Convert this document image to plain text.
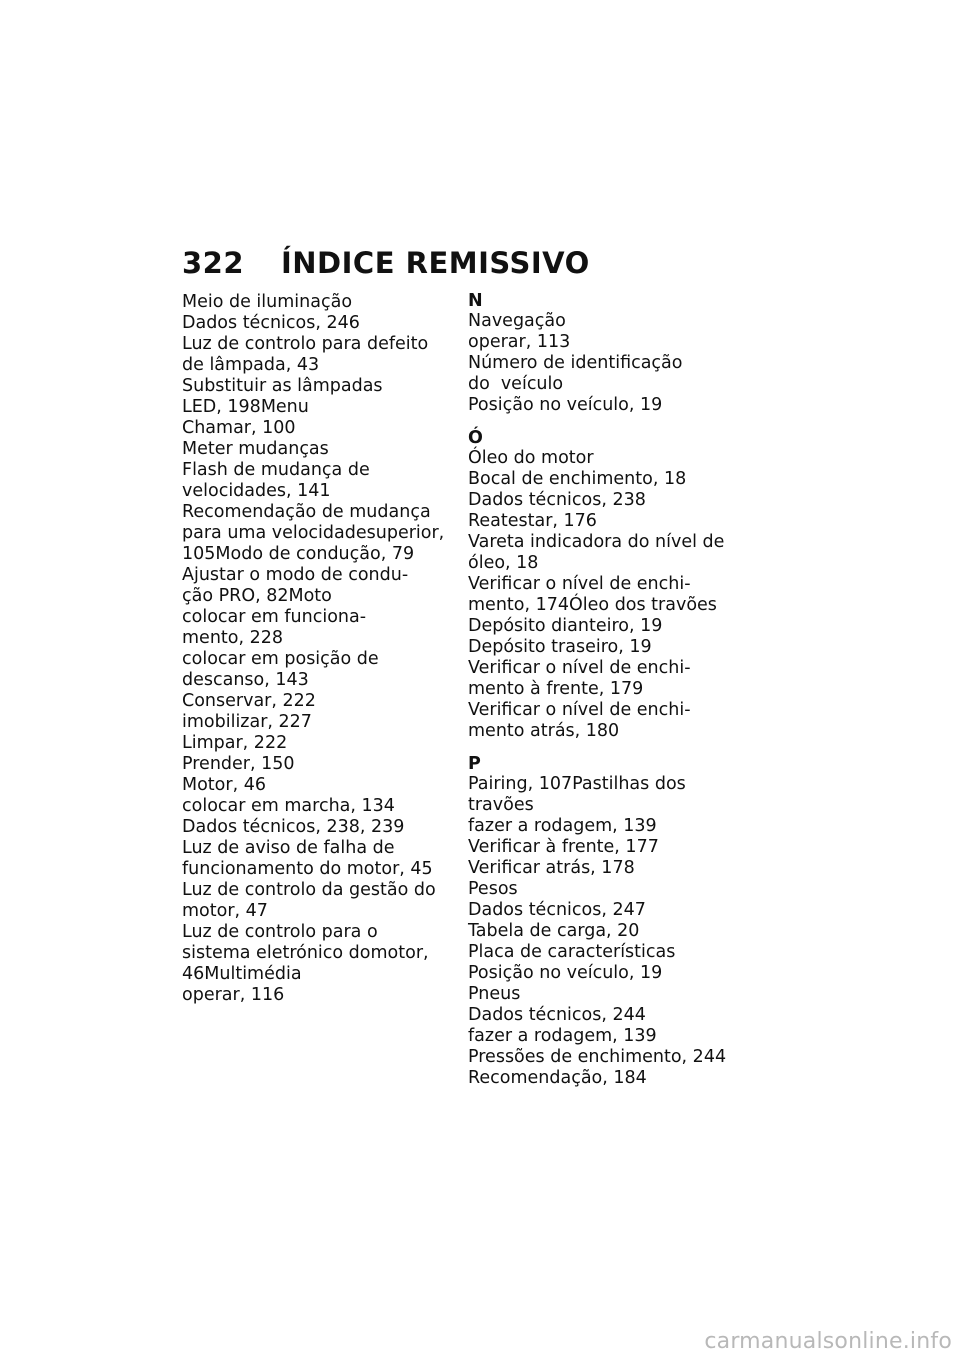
322 ÍNDICE REMISSIVO
Meio de iluminação
Dados técnicos, 246
Luz de controlo para defeito
de lâmpada, 43
Substituir as lâmpadas
LED, 198Menu
Chamar, 100
Meter mudanças
Flash de mudança de
velocidades, 141
Recomendação de mudança
para uma velocidadesuperior, 105Modo de condução, 79
Ajustar o modo de condu-
ção PRO, 82Moto
colocar em funciona-
mento, 228
colocar em posição de
descanso, 143
Conservar, 222
imobilizar, 227
Limpar, 222
Prender, 150
Motor, 46
colocar em marcha, 134
Dados técnicos, 238, 239
Luz de aviso de falha de
funcionamento do motor, 45
Luz de controlo da gestão do
motor, 47
Luz de controlo para o
sistema eletrónico domotor, 46Multimédia
operar, 116
N
Navegação
operar, 113
Número de identificação do veículo
Posição no veículo, 19
Ó
Óleo do motor
Bocal de enchimento, 18
Dados técnicos, 238
Reatestar, 176
Vareta indicadora do nível de
óleo, 18
Verificar o nível de enchi-
mento, 174Óleo dos travões
Depósito dianteiro, 19
Depósito traseiro, 19
Verificar o nível de enchi-
mento à frente, 179
Verificar o nível de enchi-
mento atrás, 180
P
Pairing, 107Pastilhas dos travões
fazer a rodagem, 139
Verificar à frente, 177
Verificar atrás, 178
Pesos
Dados técnicos, 247
Tabela de carga, 20
Placa de características
Posição no veículo, 19
Pneus
Dados técnicos, 244
fazer a rodagem, 139
Pressões de enchimento, 244
Recomendação, 184
carmanualsonline.info
